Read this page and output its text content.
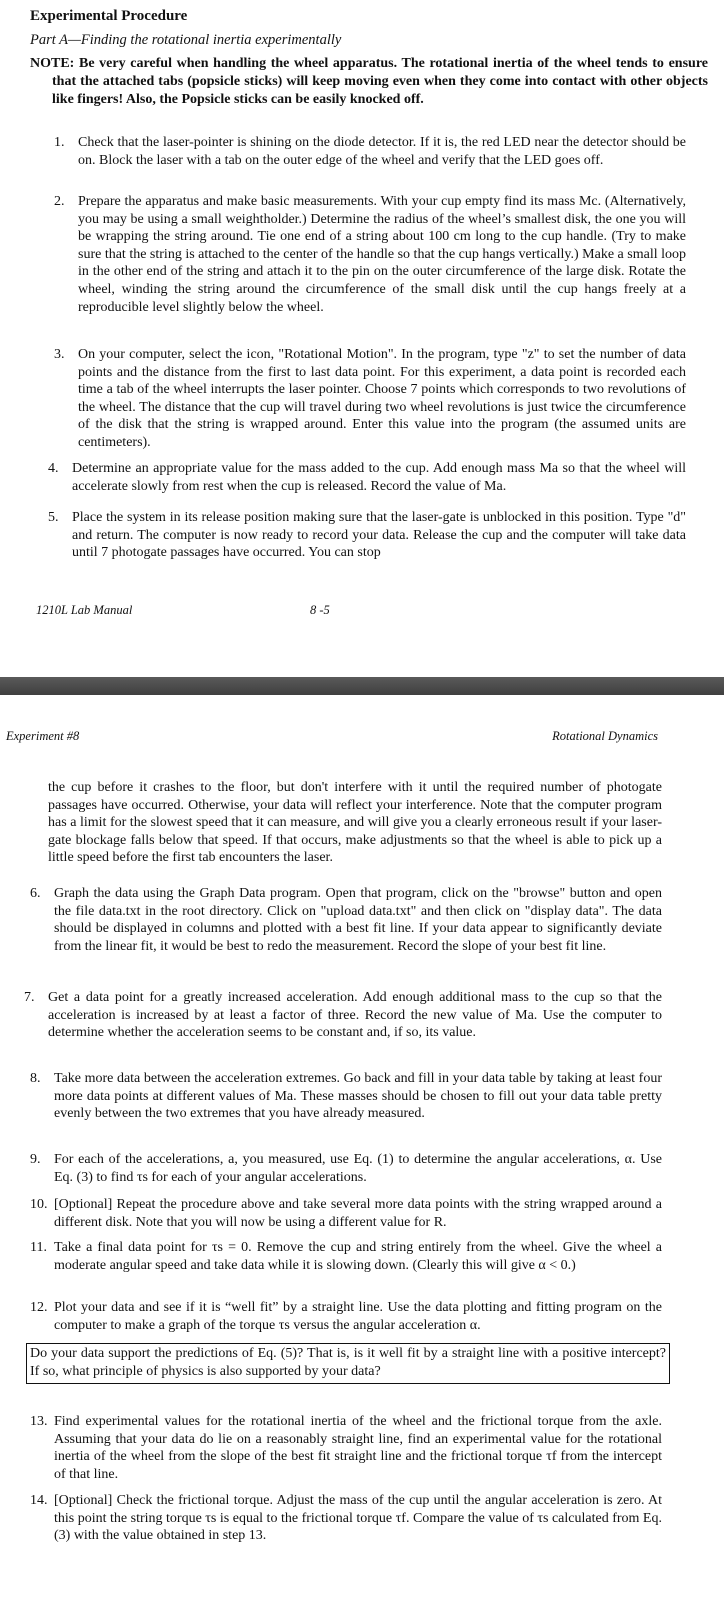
Experimental Procedure
Part A—Finding the rotational inertia experimentally
NOTE: Be very careful when handling the wheel apparatus. The rotational inertia of the wheel tends to ensure that the attached tabs (popsicle sticks) will keep moving even when they come into contact with other objects like fingers! Also, the Popsicle sticks can be easily knocked off.
1. Check that the laser-pointer is shining on the diode detector. If it is, the red LED near the detector should be on. Block the laser with a tab on the outer edge of the wheel and verify that the LED goes off.
2. Prepare the apparatus and make basic measurements. With your cup empty find its mass Mc. (Alternatively, you may be using a small weightholder.) Determine the radius of the wheel’s smallest disk, the one you will be wrapping the string around. Tie one end of a string about 100 cm long to the cup handle. (Try to make sure that the string is attached to the center of the handle so that the cup hangs vertically.) Make a small loop in the other end of the string and attach it to the pin on the outer circumference of the large disk. Rotate the wheel, winding the string around the circumference of the small disk until the cup hangs freely at a reproducible level slightly below the wheel.
3. On your computer, select the icon, "Rotational Motion". In the program, type "z" to set the number of data points and the distance from the first to last data point. For this experiment, a data point is recorded each time a tab of the wheel interrupts the laser pointer. Choose 7 points which corresponds to two revolutions of the wheel. The distance that the cup will travel during two wheel revolutions is just twice the circumference of the disk that the string is wrapped around. Enter this value into the program (the assumed units are centimeters).
4. Determine an appropriate value for the mass added to the cup. Add enough mass Ma so that the wheel will accelerate slowly from rest when the cup is released. Record the value of Ma.
5. Place the system in its release position making sure that the laser-gate is unblocked in this position. Type "d" and return. The computer is now ready to record your data. Release the cup and the computer will take data until 7 photogate passages have occurred. You can stop
1210L Lab Manual	8 -5
Experiment #8	Rotational Dynamics
the cup before it crashes to the floor, but don't interfere with it until the required number of photogate passages have occurred. Otherwise, your data will reflect your interference. Note that the computer program has a limit for the slowest speed that it can measure, and will give you a clearly erroneous result if your laser-gate blockage falls below that speed. If that occurs, make adjustments so that the wheel is able to pick up a little speed before the first tab encounters the laser.
6. Graph the data using the Graph Data program. Open that program, click on the "browse" button and open the file data.txt in the root directory. Click on "upload data.txt" and then click on "display data". The data should be displayed in columns and plotted with a best fit line. If your data appear to significantly deviate from the linear fit, it would be best to redo the measurement. Record the slope of your best fit line.
7. Get a data point for a greatly increased acceleration. Add enough additional mass to the cup so that the acceleration is increased by at least a factor of three. Record the new value of Ma. Use the computer to determine whether the acceleration seems to be constant and, if so, its value.
8. Take more data between the acceleration extremes. Go back and fill in your data table by taking at least four more data points at different values of Ma. These masses should be chosen to fill out your data table pretty evenly between the two extremes that you have already measured.
9. For each of the accelerations, a, you measured, use Eq. (1) to determine the angular accelerations, α. Use Eq. (3) to find τs for each of your angular accelerations.
10. [Optional] Repeat the procedure above and take several more data points with the string wrapped around a different disk. Note that you will now be using a different value for R.
11. Take a final data point for τs = 0. Remove the cup and string entirely from the wheel. Give the wheel a moderate angular speed and take data while it is slowing down. (Clearly this will give α < 0.)
12. Plot your data and see if it is “well fit” by a straight line. Use the data plotting and fitting program on the computer to make a graph of the torque τs versus the angular acceleration α.
Do your data support the predictions of Eq. (5)? That is, is it well fit by a straight line with a positive intercept? If so, what principle of physics is also supported by your data?
13. Find experimental values for the rotational inertia of the wheel and the frictional torque from the axle. Assuming that your data do lie on a reasonably straight line, find an experimental value for the rotational inertia of the wheel from the slope of the best fit straight line and the frictional torque τf from the intercept of that line.
14. [Optional] Check the frictional torque. Adjust the mass of the cup until the angular acceleration is zero. At this point the string torque τs is equal to the frictional torque τf. Compare the value of τs calculated from Eq. (3) with the value obtained in step 13.
